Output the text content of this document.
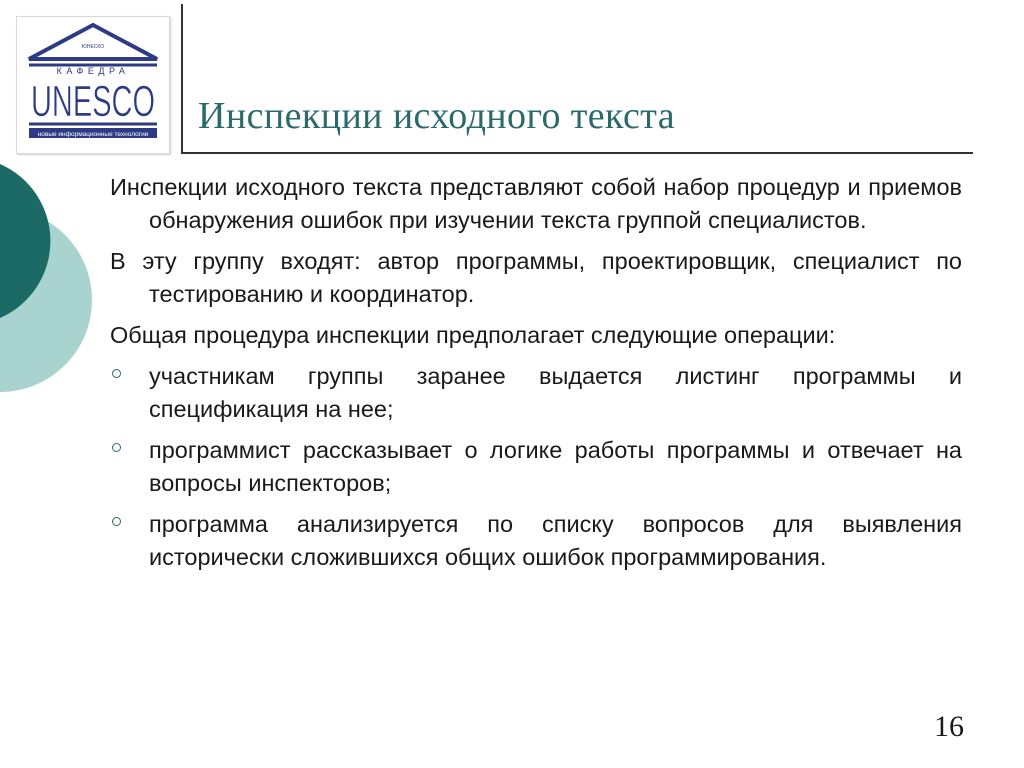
ЮНЕСКО
КАФЕДРА
UNESCO
новые информационные технологии Инспекции исходного текста

Инспекции исходного текста представляют собой набор процедур и приемов обнаружения ошибок при изучении текста группой специалистов.

В эту группу входят: автор программы, проектировщик, специалист по тестированию и координатор.

Общая процедура инспекции предполагает следующие операции:

участникам группы заранее выдается листинг программы и спецификация на нее;
программист рассказывает о логике работы программы и отвечает на вопросы инспекторов;
программа анализируется по списку вопросов для выявления исторически сложившихся общих ошибок программирования.
16
